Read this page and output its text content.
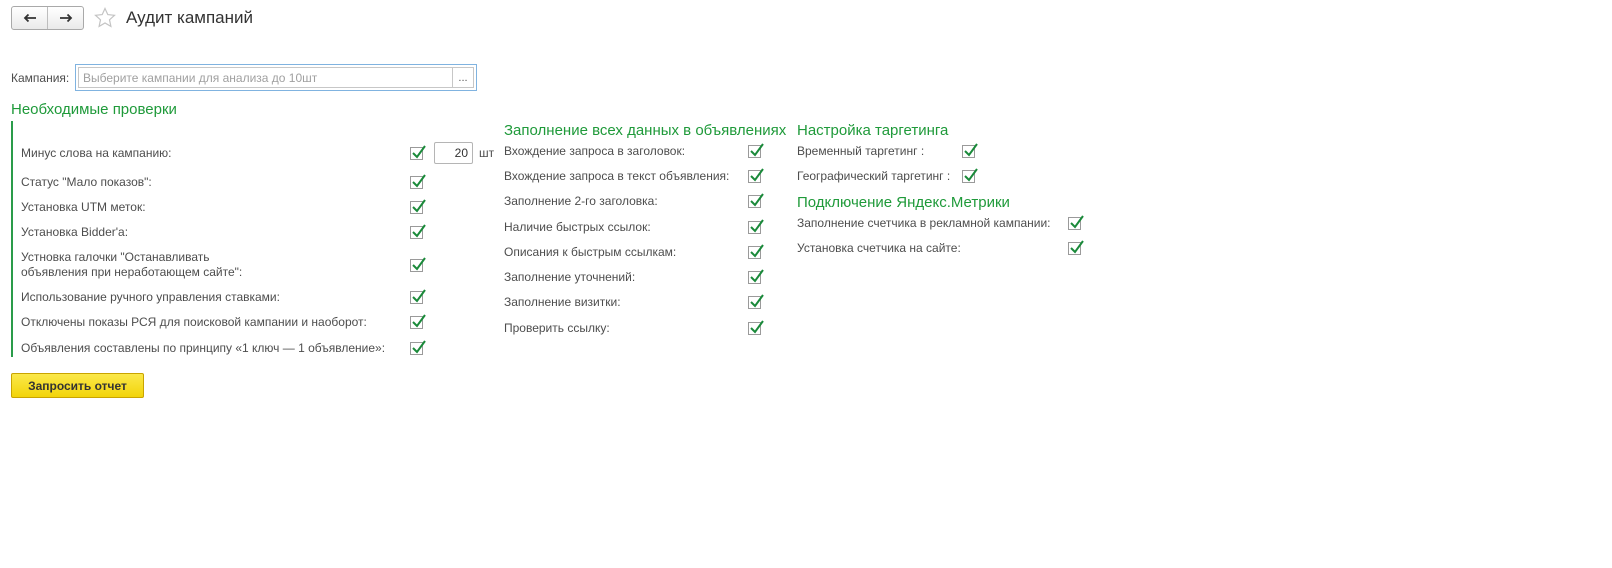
Аудит кампаний
Кампания:
Выберите кампании для анализа до 10шт	...
Необходимые проверки
Минус слова на кампанию:	20 шт
Статус "Мало показов":
Установка UTM меток:
Установка Bidder'a:
Устновка галочки "Останавливать
объявления при неработающем сайте":
Использование ручного управления ставками:
Отключены показы РСЯ для поисковой кампании и наоборот:
Объявления составлены по принципу «1 ключ — 1 объявление»:
Заполнение всех данных в объявлениях
Вхождение запроса в заголовок:
Вхождение запроса в текст объявления:
Заполнение 2-го заголовка:
Наличие быстрых ссылок:
Описания к быстрым ссылкам:
Заполнение уточнений:
Заполнение визитки:
Проверить ссылку:
Настройка таргетинга
Временный таргетинг :
Географический таргетинг :
Подключение Яндекс.Метрики
Заполнение счетчика в рекламной кампании:
Установка счетчика на сайте:
Запросить отчет
